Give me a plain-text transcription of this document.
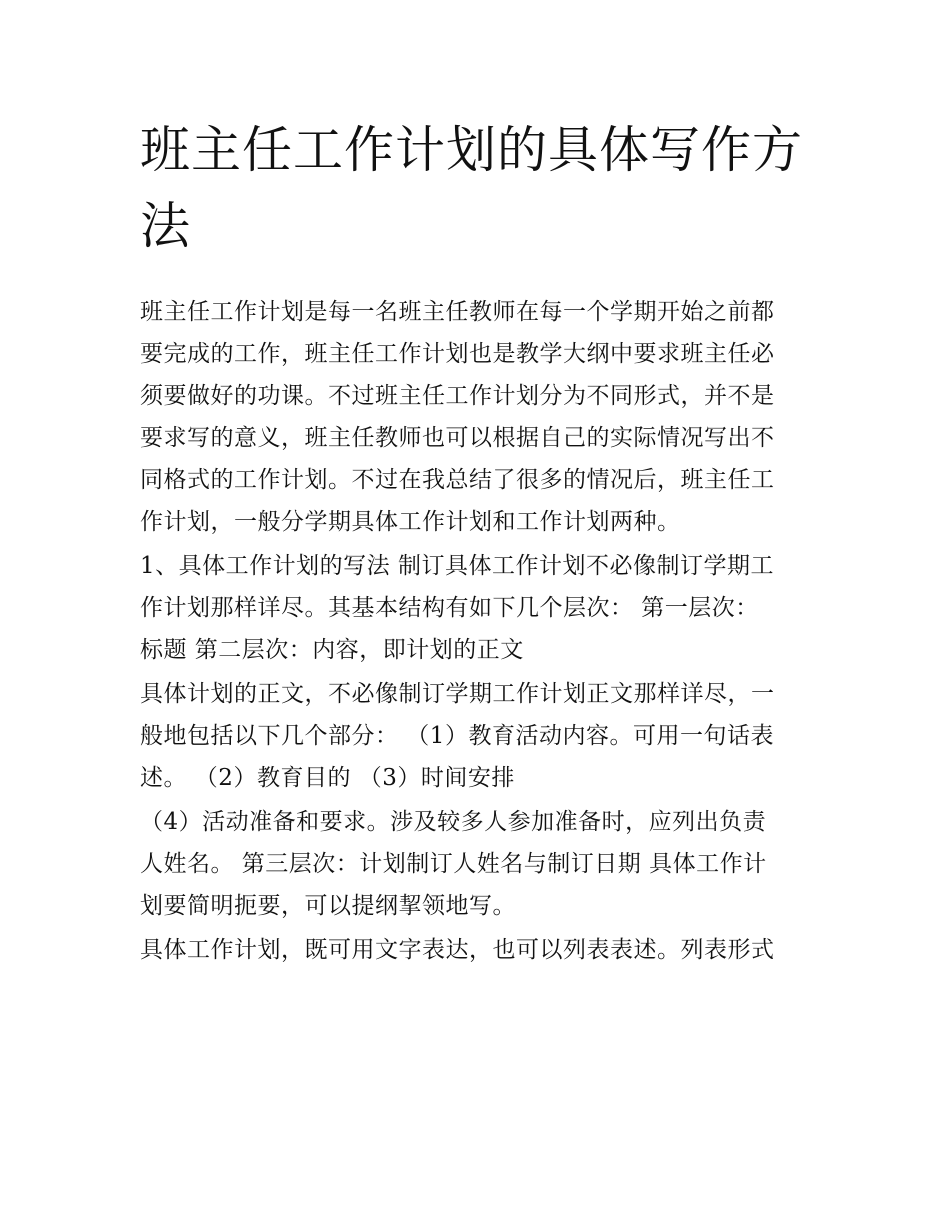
班主任工作计划的具体写作方
法
班主任工作计划是每一名班主任教师在每一个学期开始之前都
要完成的工作，班主任工作计划也是教学大纲中要求班主任必
须要做好的功课。不过班主任工作计划分为不同形式，并不是
要求写的意义，班主任教师也可以根据自己的实际情况写出不
同格式的工作计划。不过在我总结了很多的情况后，班主任工
作计划，一般分学期具体工作计划和工作计划两种。
1、具体工作计划的写法 制订具体工作计划不必像制订学期工
作计划那样详尽。其基本结构有如下几个层次： 第一层次：
标题 第二层次：内容，即计划的正文
具体计划的正文，不必像制订学期工作计划正文那样详尽，一
般地包括以下几个部分： （1）教育活动内容。可用一句话表
述。 （2）教育目的 （3）时间安排
（4）活动准备和要求。涉及较多人参加准备时，应列出负责
人姓名。 第三层次：计划制订人姓名与制订日期 具体工作计
划要简明扼要，可以提纲挈领地写。
具体工作计划，既可用文字表达，也可以列表表述。列表形式
